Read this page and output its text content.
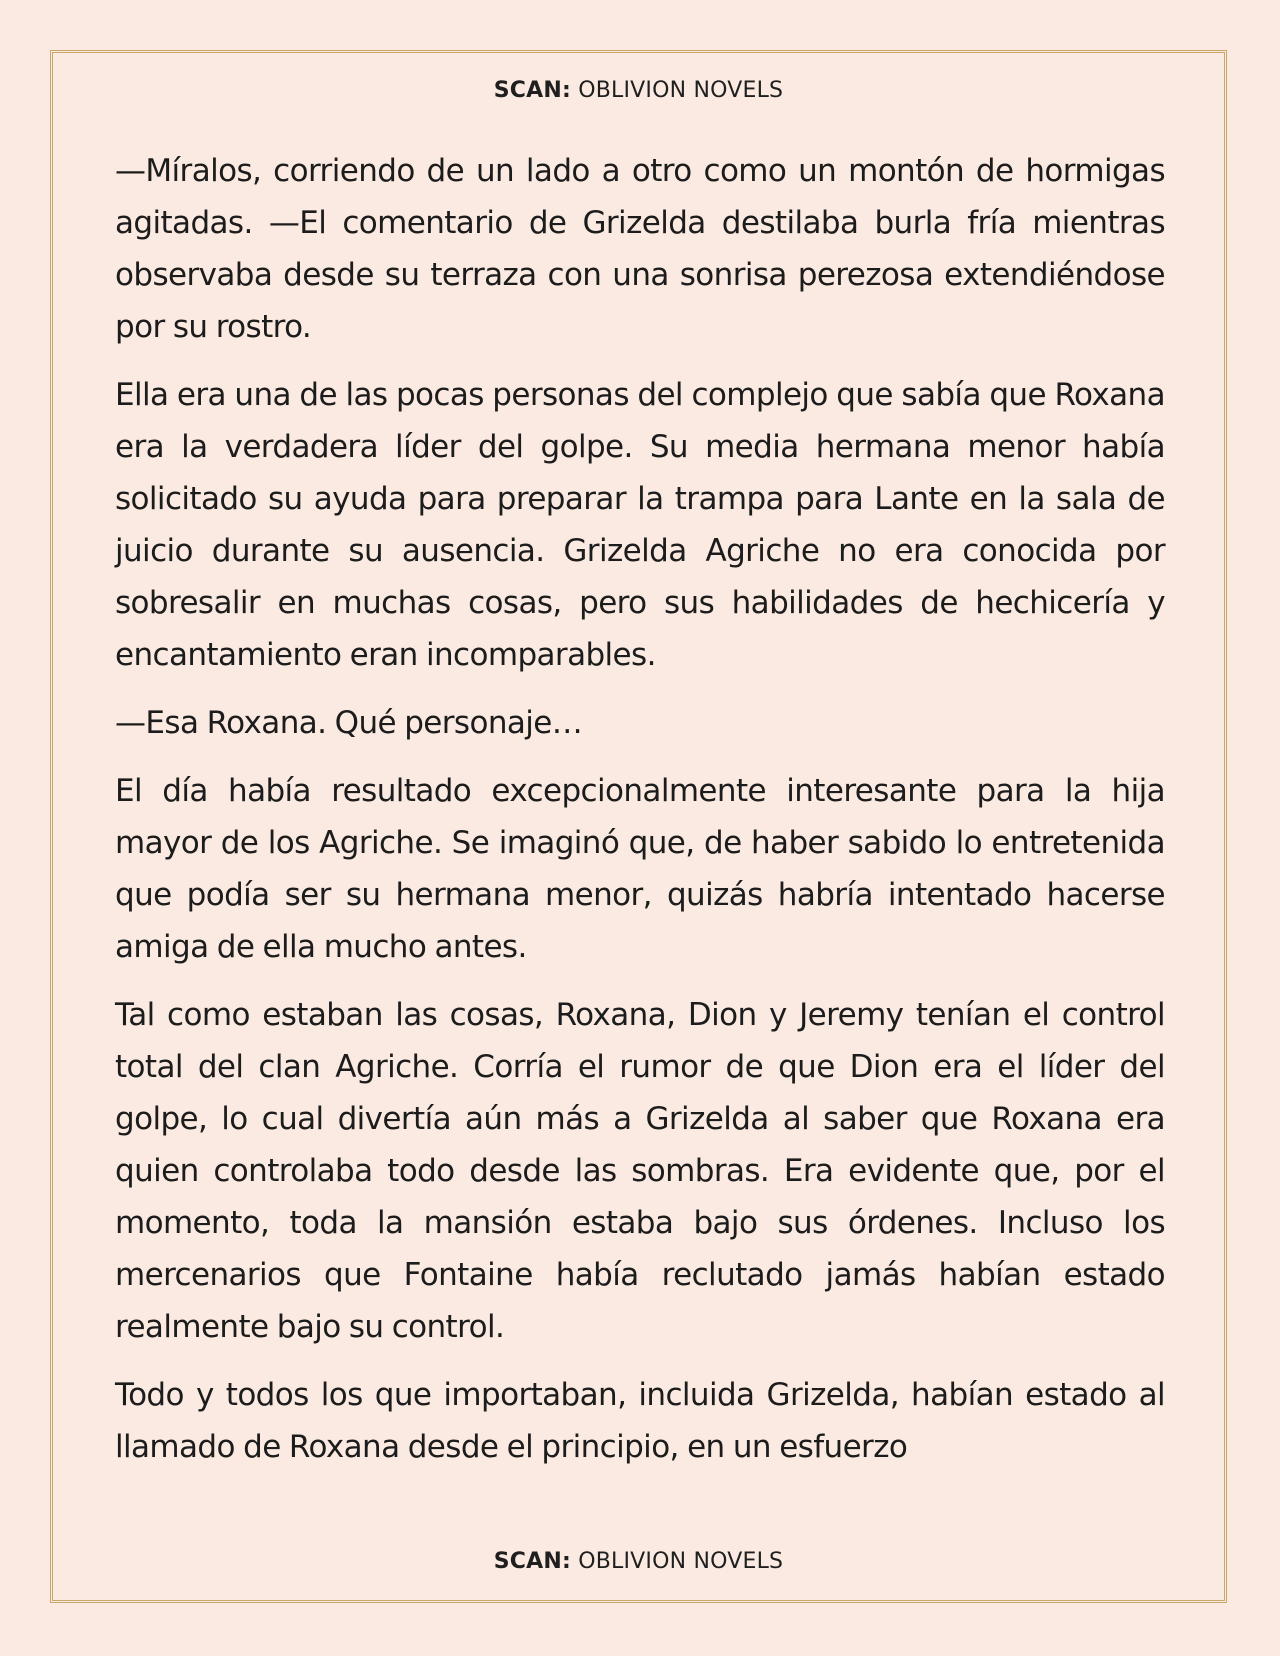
SCAN: OBLIVION NOVELS

—Míralos, corriendo de un lado a otro como un montón de hormigas agitadas. —El comentario de Grizelda destilaba burla fría mientras observaba desde su terraza con una sonrisa perezosa extendiéndose por su rostro.

Ella era una de las pocas personas del complejo que sabía que Roxana era la verdadera líder del golpe. Su media hermana menor había solicitado su ayuda para preparar la trampa para Lante en la sala de juicio durante su ausencia. Grizelda Agriche no era conocida por sobresalir en muchas cosas, pero sus habilidades de hechicería y encantamiento eran incomparables.

—Esa Roxana. Qué personaje…

El día había resultado excepcionalmente interesante para la hija mayor de los Agriche. Se imaginó que, de haber sabido lo entretenida que podía ser su hermana menor, quizás habría intentado hacerse amiga de ella mucho antes.

Tal como estaban las cosas, Roxana, Dion y Jeremy tenían el control total del clan Agriche. Corría el rumor de que Dion era el líder del golpe, lo cual divertía aún más a Grizelda al saber que Roxana era quien controlaba todo desde las sombras. Era evidente que, por el momento, toda la mansión estaba bajo sus órdenes. Incluso los mercenarios que Fontaine había reclutado jamás habían estado realmente bajo su control.

Todo y todos los que importaban, incluida Grizelda, habían estado al llamado de Roxana desde el principio, en un esfuerzo

SCAN: OBLIVION NOVELS
